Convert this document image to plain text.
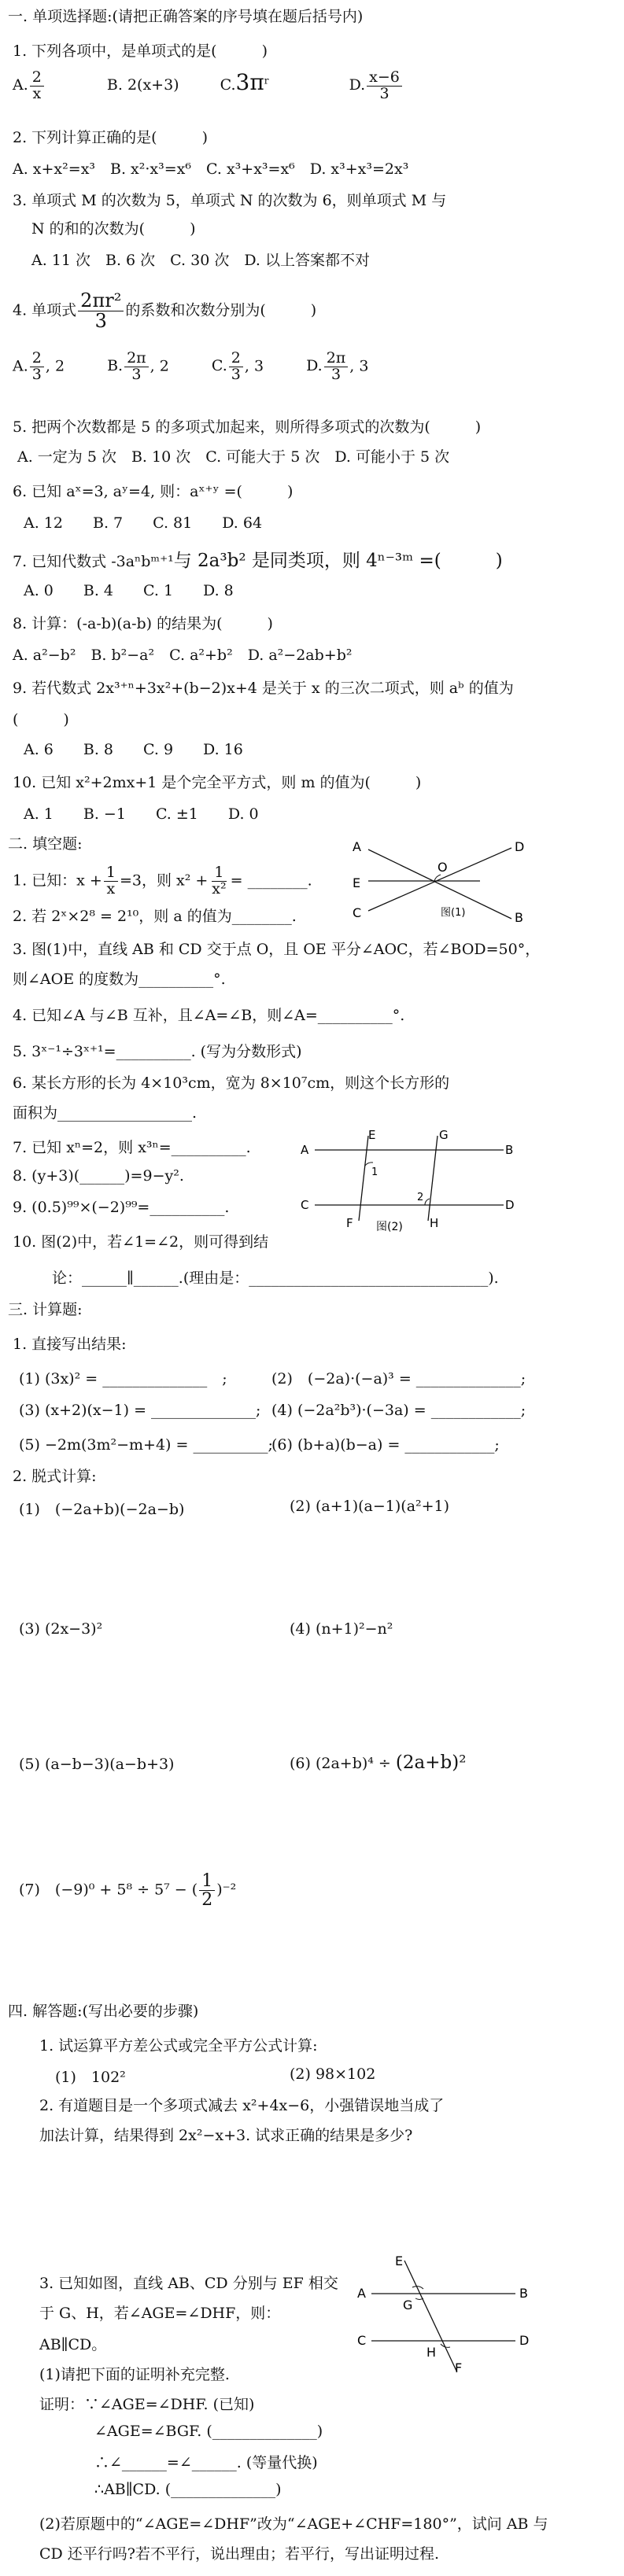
一. 单项选择题:(请把正确答案的序号填在题后括号内)
1. 下列各项中，是单项式的是(　　　)
A. $\frac{2}{x}$	B. 2(x+3)	$C.3\pi^r$	D. $\frac{x-6}{3}$
2. 下列计算正确的是(　　　)
A. x+x²=x³　B. x²·x³=x⁶　C. x³+x³=x⁶　D. x³+x³=2x³
3. 单项式 M 的次数为 5，单项式 N 的次数为 6，则单项式 M 与
N 的和的次数为(　　　)
A. 11 次　B. 6 次　C. 30 次　D. 以上答案都不对
4. 单项式 $\frac{\text{2πr²}}{3}$ 的系数和次数分别为(　　　)
A. $\frac{2}{3}$ , 2	B. $\frac{2\pi}{3}$ , 2	C. $\frac{2}{3}$ , 3	D. $\frac{2\pi}{3}$ , 3
5. 把两个次数都是 5 的多项式加起来，则所得多项式的次数为(　　　)
A. 一定为 5 次　B. 10 次　C. 可能大于 5 次　D. 可能小于 5 次
6. 已知 aˣ=3, aʸ=4, 则：aˣ⁺ʸ =(　　　)
A. 12　　B. 7　　C. 81　　D. 64
7. 已知代数式 -3aⁿbᵐ⁺¹与 2a³b² 是同类项，则 4ⁿ⁻³ᵐ =(　　　)
A. 0　　B. 4　　C. 1　　D. 8
8. 计算：(-a-b)(a-b) 的结果为(　　　)
A. a²−b²　B. b²−a²　C. a²+b²　D. a²−2ab+b²
9. 若代数式 2x³⁺ⁿ+3x²+(b−2)x+4 是关于 x 的三次二项式，则 aᵇ 的值为
(　　　)
A. 6　　B. 8　　C. 9　　D. 16
10. 已知 x²+2mx+1 是个完全平方式，则 m 的值为(　　　)
A. 1　　B. −1　　C. ±1　　D. 0
二. 填空题:
1. 已知：$x + \frac{1}{x} =3$，则 $x^2 + \frac{1}{\text{x²}}$ = ________.
A
E
C
D
B
O
图(1)
2. 若 2ˣ×2⁸ = 2¹⁰，则 a 的值为________.
3. 图(1)中，直线 AB 和 CD 交于点 O，且 OE 平分∠AOC，若∠BOD=50°，
则∠AOE 的度数为__________°.
4. 已知∠A 与∠B 互补，且∠A=∠B，则∠A=__________°.
5. 3ˣ⁻¹÷3ˣ⁺¹=__________. (写为分数形式)
6. 某长方形的长为 4×10³cm，宽为 8×10⁷cm，则这个长方形的
面积为__________________.
7. 已知 xⁿ=2，则 x³ⁿ=__________.
8. (y+3)(______)=9−y².
9. (0.5)⁹⁹×(−2)⁹⁹=__________.
10. 图(2)中，若∠1=∠2，则可得到结
论：______∥______.(理由是：________________________________).
A	B
C	D
E
F
G
H
1
2
图(2)
三. 计算题:
1. 直接写出结果:
(1) (3x)² = ______________　;	(2)　(−2a)·(−a)³ = ______________;
(3) (x+2)(x−1) = ______________; (4) (−2a²b³)·(−3a) = ____________;
(5) −2m(3m²−m+4) = __________;
(6) (b+a)(b−a) = ____________;
2. 脱式计算:
(1)　(−2a+b)(−2a−b)	(2) (a+1)(a−1)(a²+1)
(3) (2x−3)²	(4) (n+1)²−n²
(5) (a−b−3)(a−b+3)	(6) (2a+b)⁴ ÷ (2a+b)²
(7)　(−9)⁰ + 5⁸ ÷ 5⁷ − ( $\frac{1}{2} )^{-2}$
四. 解答题:(写出必要的步骤)
1. 试运算平方差公式或完全平方公式计算:
(1)　102²	(2) 98×102
2. 有道题目是一个多项式减去 x²+4x−6，小强错误地当成了
加法计算，结果得到 2x²−x+3. 试求正确的结果是多少?
3. 已知如图，直线 AB、CD 分别与 EF 相交
于 G、H，若∠AGE=∠DHF，则：
AB∥CD。
(1)请把下面的证明补充完整.
证明：∵∠AGE=∠DHF. (已知)
∠AGE=∠BGF. (______________)
∴∠______=∠______. (等量代换)
∴AB∥CD. (______________)
(2)若原题中的“∠AGE=∠DHF”改为“∠AGE+∠CHF=180°”，试问 AB 与
CD 还平行吗?若不平行，说出理由；若平行，写出证明过程.
A	B
C	D
E
F
G
H
